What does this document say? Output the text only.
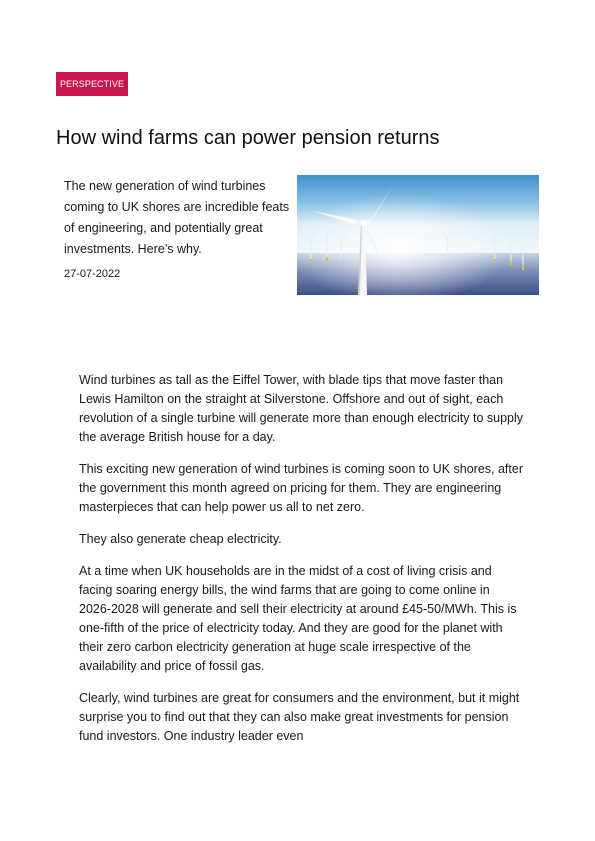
PERSPECTIVE
How wind farms can power pension returns

The new generation of wind turbines coming to UK shores are incredible feats of engineering, and potentially great investments. Here’s why.

27-07-2022

Wind turbines as tall as the Eiffel Tower, with blade tips that move faster than Lewis Hamilton on the straight at Silverstone. Offshore and out of sight, each revolution of a single turbine will generate more than enough electricity to supply the average British house for a day.

This exciting new generation of wind turbines is coming soon to UK shores, after the government this month agreed on pricing for them. They are engineering masterpieces that can help power us all to net zero.

They also generate cheap electricity.

At a time when UK households are in the midst of a cost of living crisis and facing soaring energy bills, the wind farms that are going to come online in 2026-2028 will generate and sell their electricity at around £45-50/MWh. This is one-fifth of the price of electricity today. And they are good for the planet with their zero carbon electricity generation at huge scale irrespective of the availability and price of fossil gas.

Clearly, wind turbines are great for consumers and the environment, but it might surprise you to find out that they can also make great investments for pension fund investors. One industry leader even
